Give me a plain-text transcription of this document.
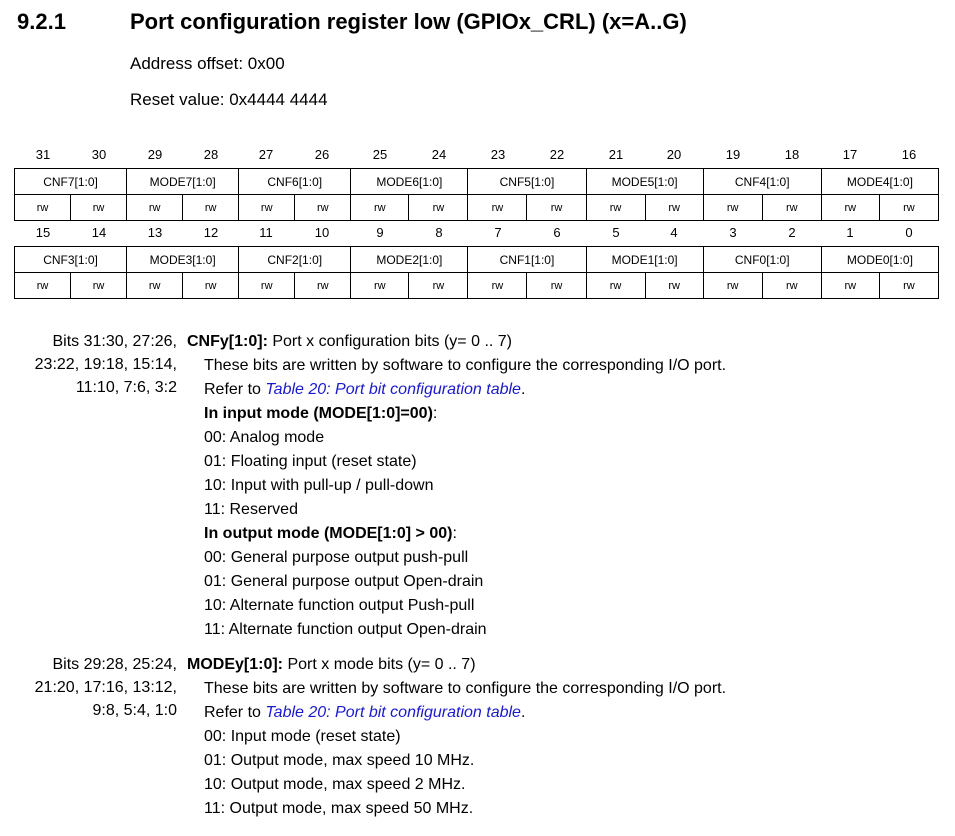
9.2.1	Port configuration register low (GPIOx_CRL) (x=A..G)
Address offset: 0x00
Reset value: 0x4444 4444
31	30	29	28	27	26	25	24	23	22	21	20	19	18	17	16
CNF7[1:0]		MODE7[1:0]		CNF6[1:0]		MODE6[1:0]		CNF5[1:0]		MODE5[1:0]		CNF4[1:0]		MODE4[1:0]	
rw	rw	rw	rw	rw	rw	rw	rw	rw	rw	rw	rw	rw	rw	rw	rw
15	14	13	12	11	10	9	8	7	6	5	4	3	2	1	0
CNF3[1:0]		MODE3[1:0]		CNF2[1:0]		MODE2[1:0]		CNF1[1:0]		MODE1[1:0]		CNF0[1:0]		MODE0[1:0]	
rw	rw	rw	rw	rw	rw	rw	rw	rw	rw	rw	rw	rw	rw	rw	rw
Bits 31:30, 27:26,
23:22, 19:18, 15:14,
11:10, 7:6, 3:2
CNFy[1:0]: Port x configuration bits (y= 0 .. 7)
These bits are written by software to configure the corresponding I/O port.
Refer to Table 20: Port bit configuration table.
In input mode (MODE[1:0]=00):
00: Analog mode
01: Floating input (reset state)
10: Input with pull-up / pull-down
11: Reserved
In output mode (MODE[1:0] > 00):
00: General purpose output push-pull
01: General purpose output Open-drain
10: Alternate function output Push-pull
11: Alternate function output Open-drain
Bits 29:28, 25:24,
21:20, 17:16, 13:12,
9:8, 5:4, 1:0
MODEy[1:0]: Port x mode bits (y= 0 .. 7)
These bits are written by software to configure the corresponding I/O port.
Refer to Table 20: Port bit configuration table.
00: Input mode (reset state)
01: Output mode, max speed 10 MHz.
10: Output mode, max speed 2 MHz.
11: Output mode, max speed 50 MHz.
